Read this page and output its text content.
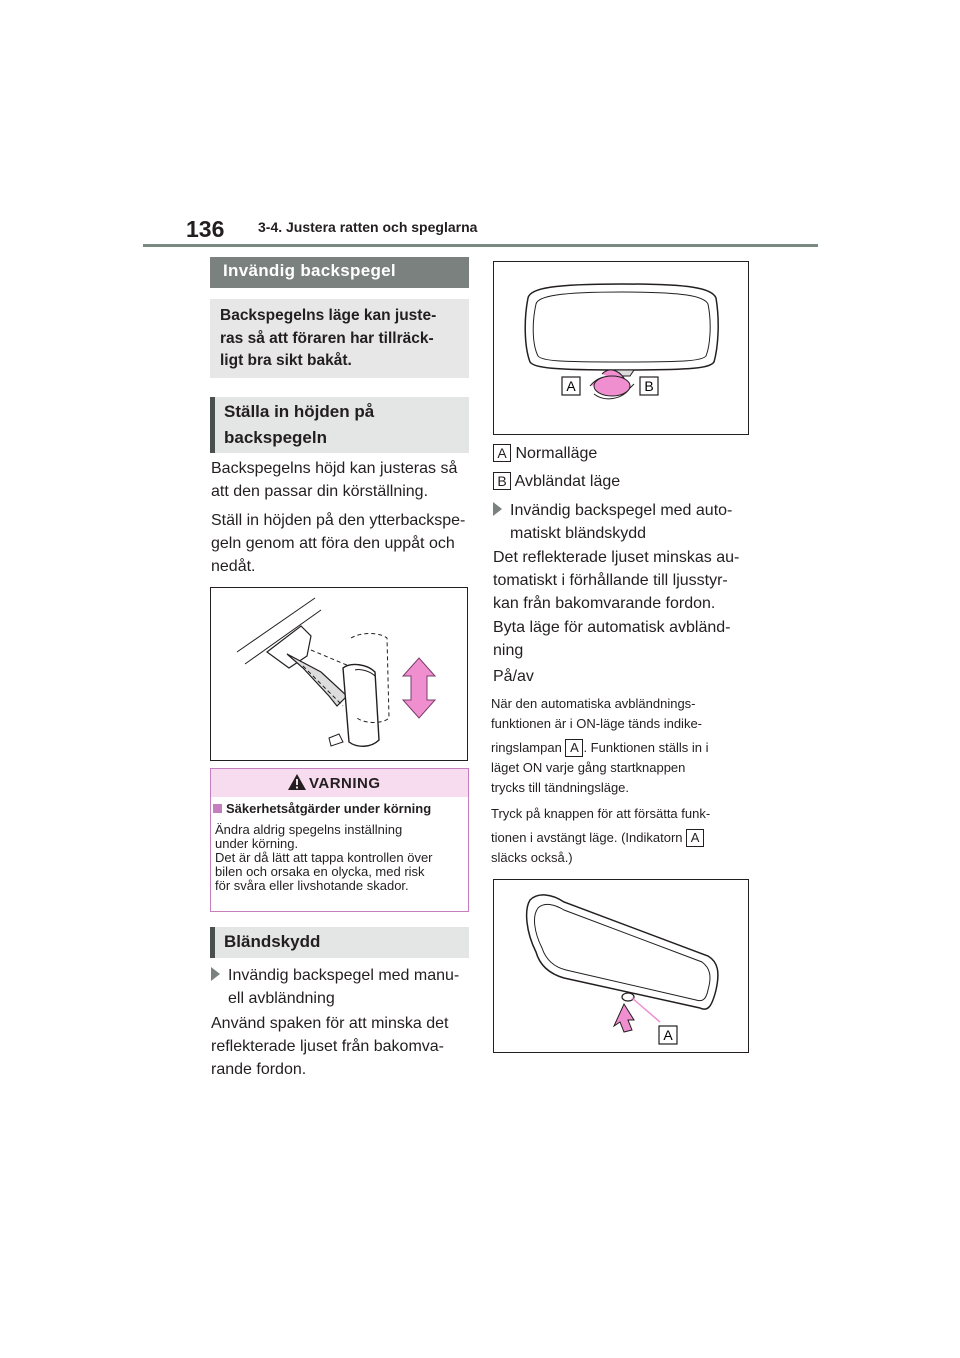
136 3-4. Justera ratten och speglarna
Invändig backspegel
Backspegelns läge kan juste- ras så att föraren har tillräck- ligt bra sikt bakåt.
Ställa in höjden på backspegeln
Backspegelns höjd kan justeras så att den passar din körställning.
Ställ in höjden på den ytterbackspe- geln genom att föra den uppåt och nedåt.
VARNING
Säkerhetsåtgärder under körning
Ändra aldrig spegelns inställning
under körning.
Det är då lätt att tappa kontrollen över
bilen och orsaka en olycka, med risk
för svåra eller livshotande skador.
Bländskydd
Invändig backspegel med manu- ell avbländning
Använd spaken för att minska det reflekterade ljuset från bakomva- rande fordon.
A	B
A Normalläge
B Avbländat läge
Invändig backspegel med auto- matiskt bländskydd
Det reflekterade ljuset minskas au- tomatiskt i förhållande till ljusstyr- kan från bakomvarande fordon.
Byta läge för automatisk avbländ- ning
På/av
När den automatiska avbländnings-
funktionen är i ON-läge tänds indike-
ringslampan A . Funktionen ställs in i
läget ON varje gång startknappen
trycks till tändningsläge.
Tryck på knappen för att försätta funk-
tionen i avstängt läge. (Indikatorn A
släcks också.)
A
